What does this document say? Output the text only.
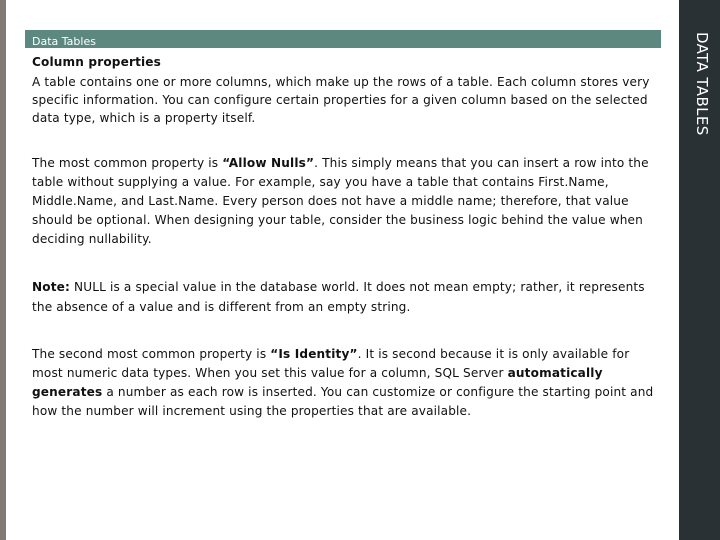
Data Tables	DATA TABLES

Column properties

A table contains one or more columns, which make up the rows of a table. Each column stores very specific information. You can configure certain properties for a given column based on the selected data type, which is a property itself.

The most common property is “Allow Nulls”. This simply means that you can insert a row into the table without supplying a value. For example, say you have a table that contains First.Name, Middle.Name, and Last.Name. Every person does not have a middle name; therefore, that value should be optional. When designing your table, consider the business logic behind the value when deciding nullability.

Note: NULL is a special value in the database world. It does not mean empty; rather, it represents the absence of a value and is different from an empty string.

The second most common property is “Is Identity”. It is second because it is only available for most numeric data types. When you set this value for a column, SQL Server automatically generates a number as each row is inserted. You can customize or configure the starting point and how the number will increment using the properties that are available.
